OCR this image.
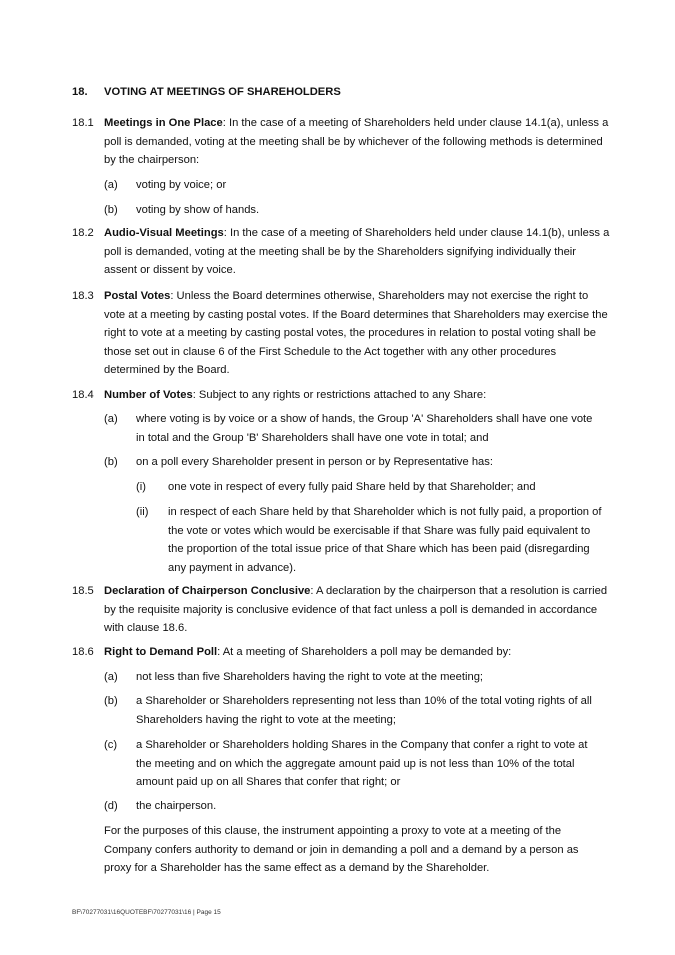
18. VOTING AT MEETINGS OF SHAREHOLDERS
18.1 Meetings in One Place: In the case of a meeting of Shareholders held under clause 14.1(a), unless a poll is demanded, voting at the meeting shall be by whichever of the following methods is determined by the chairperson:
(a) voting by voice; or
(b) voting by show of hands.
18.2 Audio-Visual Meetings: In the case of a meeting of Shareholders held under clause 14.1(b), unless a poll is demanded, voting at the meeting shall be by the Shareholders signifying individually their assent or dissent by voice.
18.3 Postal Votes: Unless the Board determines otherwise, Shareholders may not exercise the right to vote at a meeting by casting postal votes. If the Board determines that Shareholders may exercise the right to vote at a meeting by casting postal votes, the procedures in relation to postal voting shall be those set out in clause 6 of the First Schedule to the Act together with any other procedures determined by the Board.
18.4 Number of Votes: Subject to any rights or restrictions attached to any Share:
(a) where voting is by voice or a show of hands, the Group 'A' Shareholders shall have one vote in total and the Group 'B' Shareholders shall have one vote in total; and
(b) on a poll every Shareholder present in person or by Representative has:
(i) one vote in respect of every fully paid Share held by that Shareholder; and
(ii) in respect of each Share held by that Shareholder which is not fully paid, a proportion of the vote or votes which would be exercisable if that Share was fully paid equivalent to the proportion of the total issue price of that Share which has been paid (disregarding any payment in advance).
18.5 Declaration of Chairperson Conclusive: A declaration by the chairperson that a resolution is carried by the requisite majority is conclusive evidence of that fact unless a poll is demanded in accordance with clause 18.6.
18.6 Right to Demand Poll: At a meeting of Shareholders a poll may be demanded by:
(a) not less than five Shareholders having the right to vote at the meeting;
(b) a Shareholder or Shareholders representing not less than 10% of the total voting rights of all Shareholders having the right to vote at the meeting;
(c) a Shareholder or Shareholders holding Shares in the Company that confer a right to vote at the meeting and on which the aggregate amount paid up is not less than 10% of the total amount paid up on all Shares that confer that right; or
(d) the chairperson.
For the purposes of this clause, the instrument appointing a proxy to vote at a meeting of the Company confers authority to demand or join in demanding a poll and a demand by a person as proxy for a Shareholder has the same effect as a demand by the Shareholder.
BF\70277031\16QUOTEBF\70277031\16 | Page 15
